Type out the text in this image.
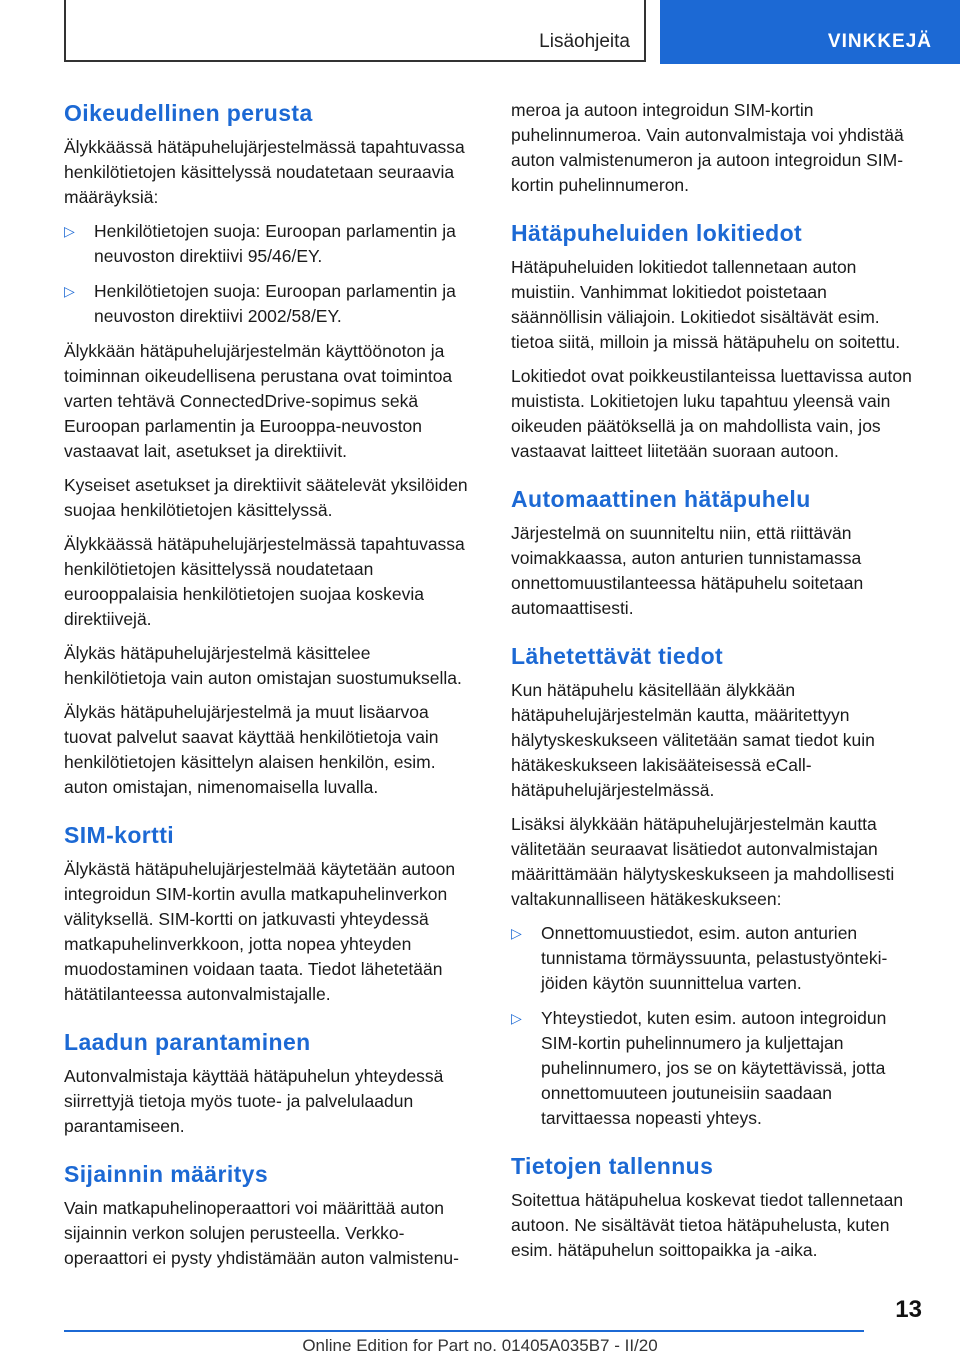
Lisäohjeita	VINKKEJÄ
Oikeudellinen perusta

Älykkäässä hätäpuhelujärjestelmässä tapahtuvassa henkilötietojen käsittelyssä noudatetaan seuraavia määräyksiä:

▷ Henkilötietojen suoja: Euroopan parlamentin ja neuvoston direktiivi 95/46/EY.
▷ Henkilötietojen suoja: Euroopan parlamentin ja neuvoston direktiivi 2002/58/EY.

Älykkään hätäpuhelujärjestelmän käyttöönoton ja toiminnan oikeudellisena perustana ovat toimintoa varten tehtävä ConnectedDrive-sopimus sekä Euroopan parlamentin ja Eurooppa-neuvoston vastaavat lait, asetukset ja direktiivit.

Kyseiset asetukset ja direktiivit säätelevät yksilöiden suojaa henkilötietojen käsittelyssä.

Älykkäässä hätäpuhelujärjestelmässä tapahtuvassa henkilötietojen käsittelyssä noudatetaan eurooppalaisia henkilötietojen suojaa koskevia direktiivejä.

Älykäs hätäpuhelujärjestelmä käsittelee henkilötietoja vain auton omistajan suostumuksella.

Älykäs hätäpuhelujärjestelmä ja muut lisäarvoa tuovat palvelut saavat käyttää henkilötietoja vain henkilötietojen käsittelyn alaisen henkilön, esim. auton omistajan, nimenomaisella luvalla.

SIM-kortti

Älykästä hätäpuhelujärjestelmää käytetään autoon integroidun SIM-kortin avulla matkapuhelinverkon välityksellä. SIM-kortti on jatkuvasti yhteydessä matkapuhelinverkkoon, jotta nopea yhteyden muodostaminen voidaan taata. Tiedot lähetetään hätätilanteessa autonvalmistajalle.

Laadun parantaminen

Autonvalmistaja käyttää hätäpuhelun yhteydessä siirrettyjä tietoja myös tuote- ja palvelulaadun parantamiseen.

Sijainnin määritys

Vain matkapuhelinoperaattori voi määrittää auton sijainnin verkon solujen perusteella. Verkko-operaattori ei pysty yhdistämään auton valmistenu-

meroa ja autoon integroidun SIM-kortin puhelinnumeroa. Vain autonvalmistaja voi yhdistää auton valmistenumeron ja autoon integroidun SIM-kortin puhelinnumeron.

Hätäpuheluiden lokitiedot

Hätäpuheluiden lokitiedot tallennetaan auton muistiin. Vanhimmat lokitiedot poistetaan säännöllisin väliajoin. Lokitiedot sisältävät esim. tietoa siitä, milloin ja missä hätäpuhelu on soitettu.

Lokitiedot ovat poikkeustilanteissa luettavissa auton muistista. Lokitietojen luku tapahtuu yleensä vain oikeuden päätöksellä ja on mahdollista vain, jos vastaavat laitteet liitetään suoraan autoon.

Automaattinen hätäpuhelu

Järjestelmä on suunniteltu niin, että riittävän voimakkaassa, auton anturien tunnistamassa onnettomuustilanteessa hätäpuhelu soitetaan automaattisesti.

Lähetettävät tiedot

Kun hätäpuhelu käsitellään älykkään hätäpuhelujärjestelmän kautta, määritettyyn hälytyskeskukseen välitetään samat tiedot kuin hätäkeskukseen lakisääteisessä eCall-hätäpuhelujärjestelmässä.

Lisäksi älykkään hätäpuhelujärjestelmän kautta välitetään seuraavat lisätiedot autonvalmistajan määrittämään hälytyskeskukseen ja mahdollisesti valtakunnalliseen hätäkeskukseen:

▷ Onnettomuustiedot, esim. auton anturien tunnistama törmäyssuunta, pelastustyöntekijöiden käytön suunnittelua varten.
▷ Yhteystiedot, kuten esim. autoon integroidun SIM-kortin puhelinnumero ja kuljettajan puhelinnumero, jos se on käytettävissä, jotta onnettomuuteen joutuneisiin saadaan tarvittaessa nopeasti yhteys.
Tietojen tallennus

Soitettua hätäpuhelua koskevat tiedot tallennetaan autoon. Ne sisältävät tietoa hätäpuhelusta, kuten esim. hätäpuhelun soittopaikka ja -aika.

13
Online Edition for Part no. 01405A035B7 - II/20
